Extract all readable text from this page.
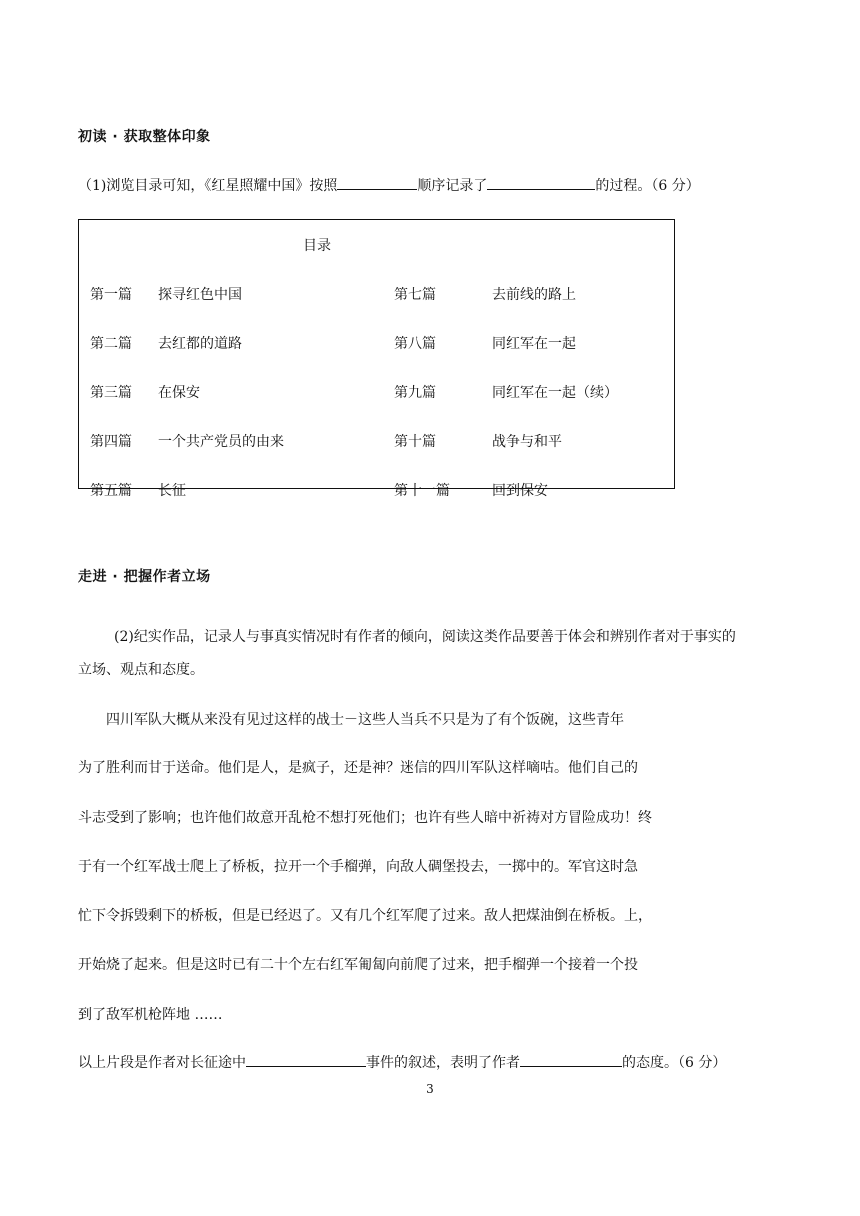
初读 · 获取整体印象
（1)浏览目录可知，《红星照耀中国》按照	顺序记录了	的过程。（6 分）
目录
第一篇 探寻红色中国	第七篇	去前线的路上
第二篇 去红都的道路	第八篇	同红军在一起
第三篇 在保安	第九篇	同红军在一起（续）
第四篇 一个共产党员的由来	第十篇	战争与和平
第五篇 长征	第十一篇	回到保安
走进 · 把握作者立场
(2)纪实作品，记录人与事真实情况时有作者的倾向，阅读这类作品要善于体会和辨别作者对于事实的
立场、观点和态度。
四川军队大概从来没有见过这样的战士－这些人当兵不只是为了有个饭碗，这些青年
为了胜利而甘于送命。他们是人，是疯子，还是神？迷信的四川军队这样嘀咕。他们自己的
斗志受到了影响；也许他们故意开乱枪不想打死他们；也许有些人暗中祈祷对方冒险成功！终
于有一个红军战士爬上了桥板，拉开一个手榴弹，向敌人碉堡投去，一掷中的。军官这时急
忙下令拆毁剩下的桥板，但是已经迟了。又有几个红军爬了过来。敌人把煤油倒在桥板。上，
开始烧了起来。但是这时已有二十个左右红军匍匐向前爬了过来，把手榴弹一个接着一个投
到了敌军机枪阵地 ……
以上片段是作者对长征途中	事件的叙述，表明了作者	的态度。（6 分）
3
